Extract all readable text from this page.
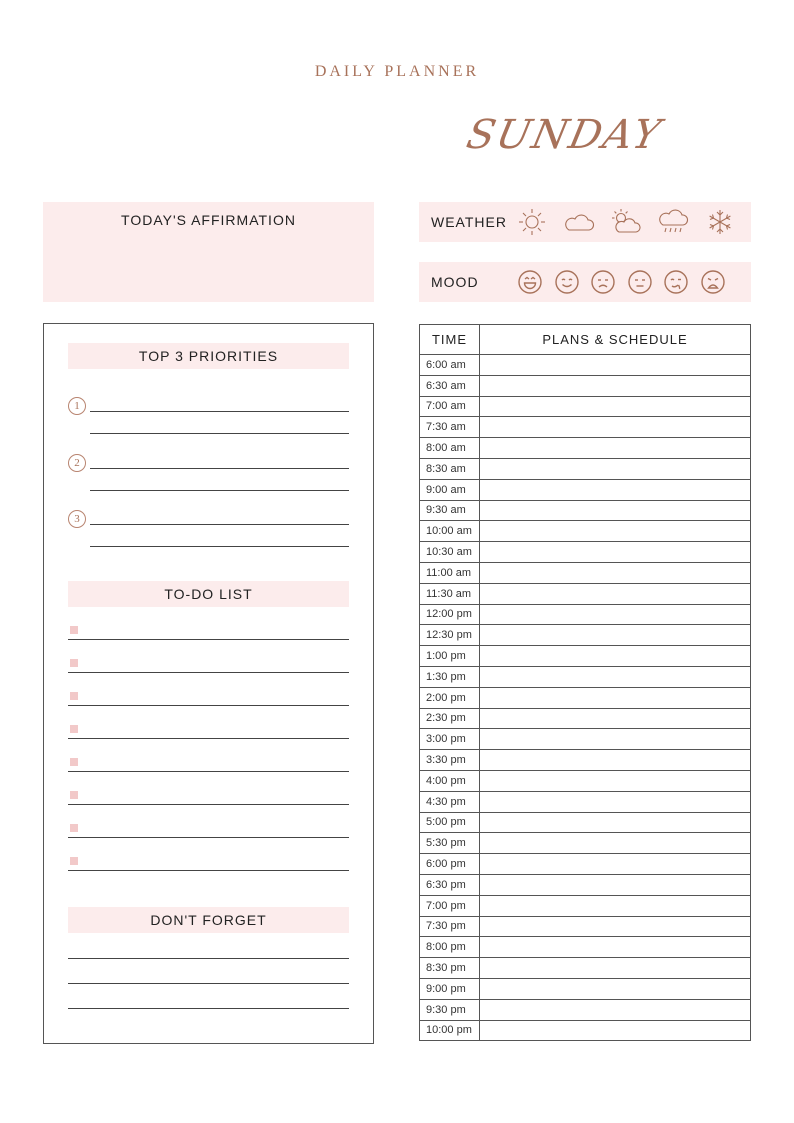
DAILY PLANNER
SUNDAY
TODAY'S AFFIRMATION	WEATHER
MOOD
TOP 3 PRIORITIES
1
2
3
TO-DO LIST
DON'T FORGET
TIME	PLANS & SCHEDULE
6:00 am	
6:30 am	
7:00 am	
7:30 am	
8:00 am	
8:30 am	
9:00 am	
9:30 am	
10:00 am	
10:30 am	
11:00 am	
11:30 am	
12:00 pm	
12:30 pm	
1:00 pm	
1:30 pm	
2:00 pm	
2:30 pm	
3:00 pm	
3:30 pm	
4:00 pm	
4:30 pm	
5:00 pm	
5:30 pm	
6:00 pm	
6:30 pm	
7:00 pm	
7:30 pm	
8:00 pm	
8:30 pm	
9:00 pm	
9:30 pm	
10:00 pm	
